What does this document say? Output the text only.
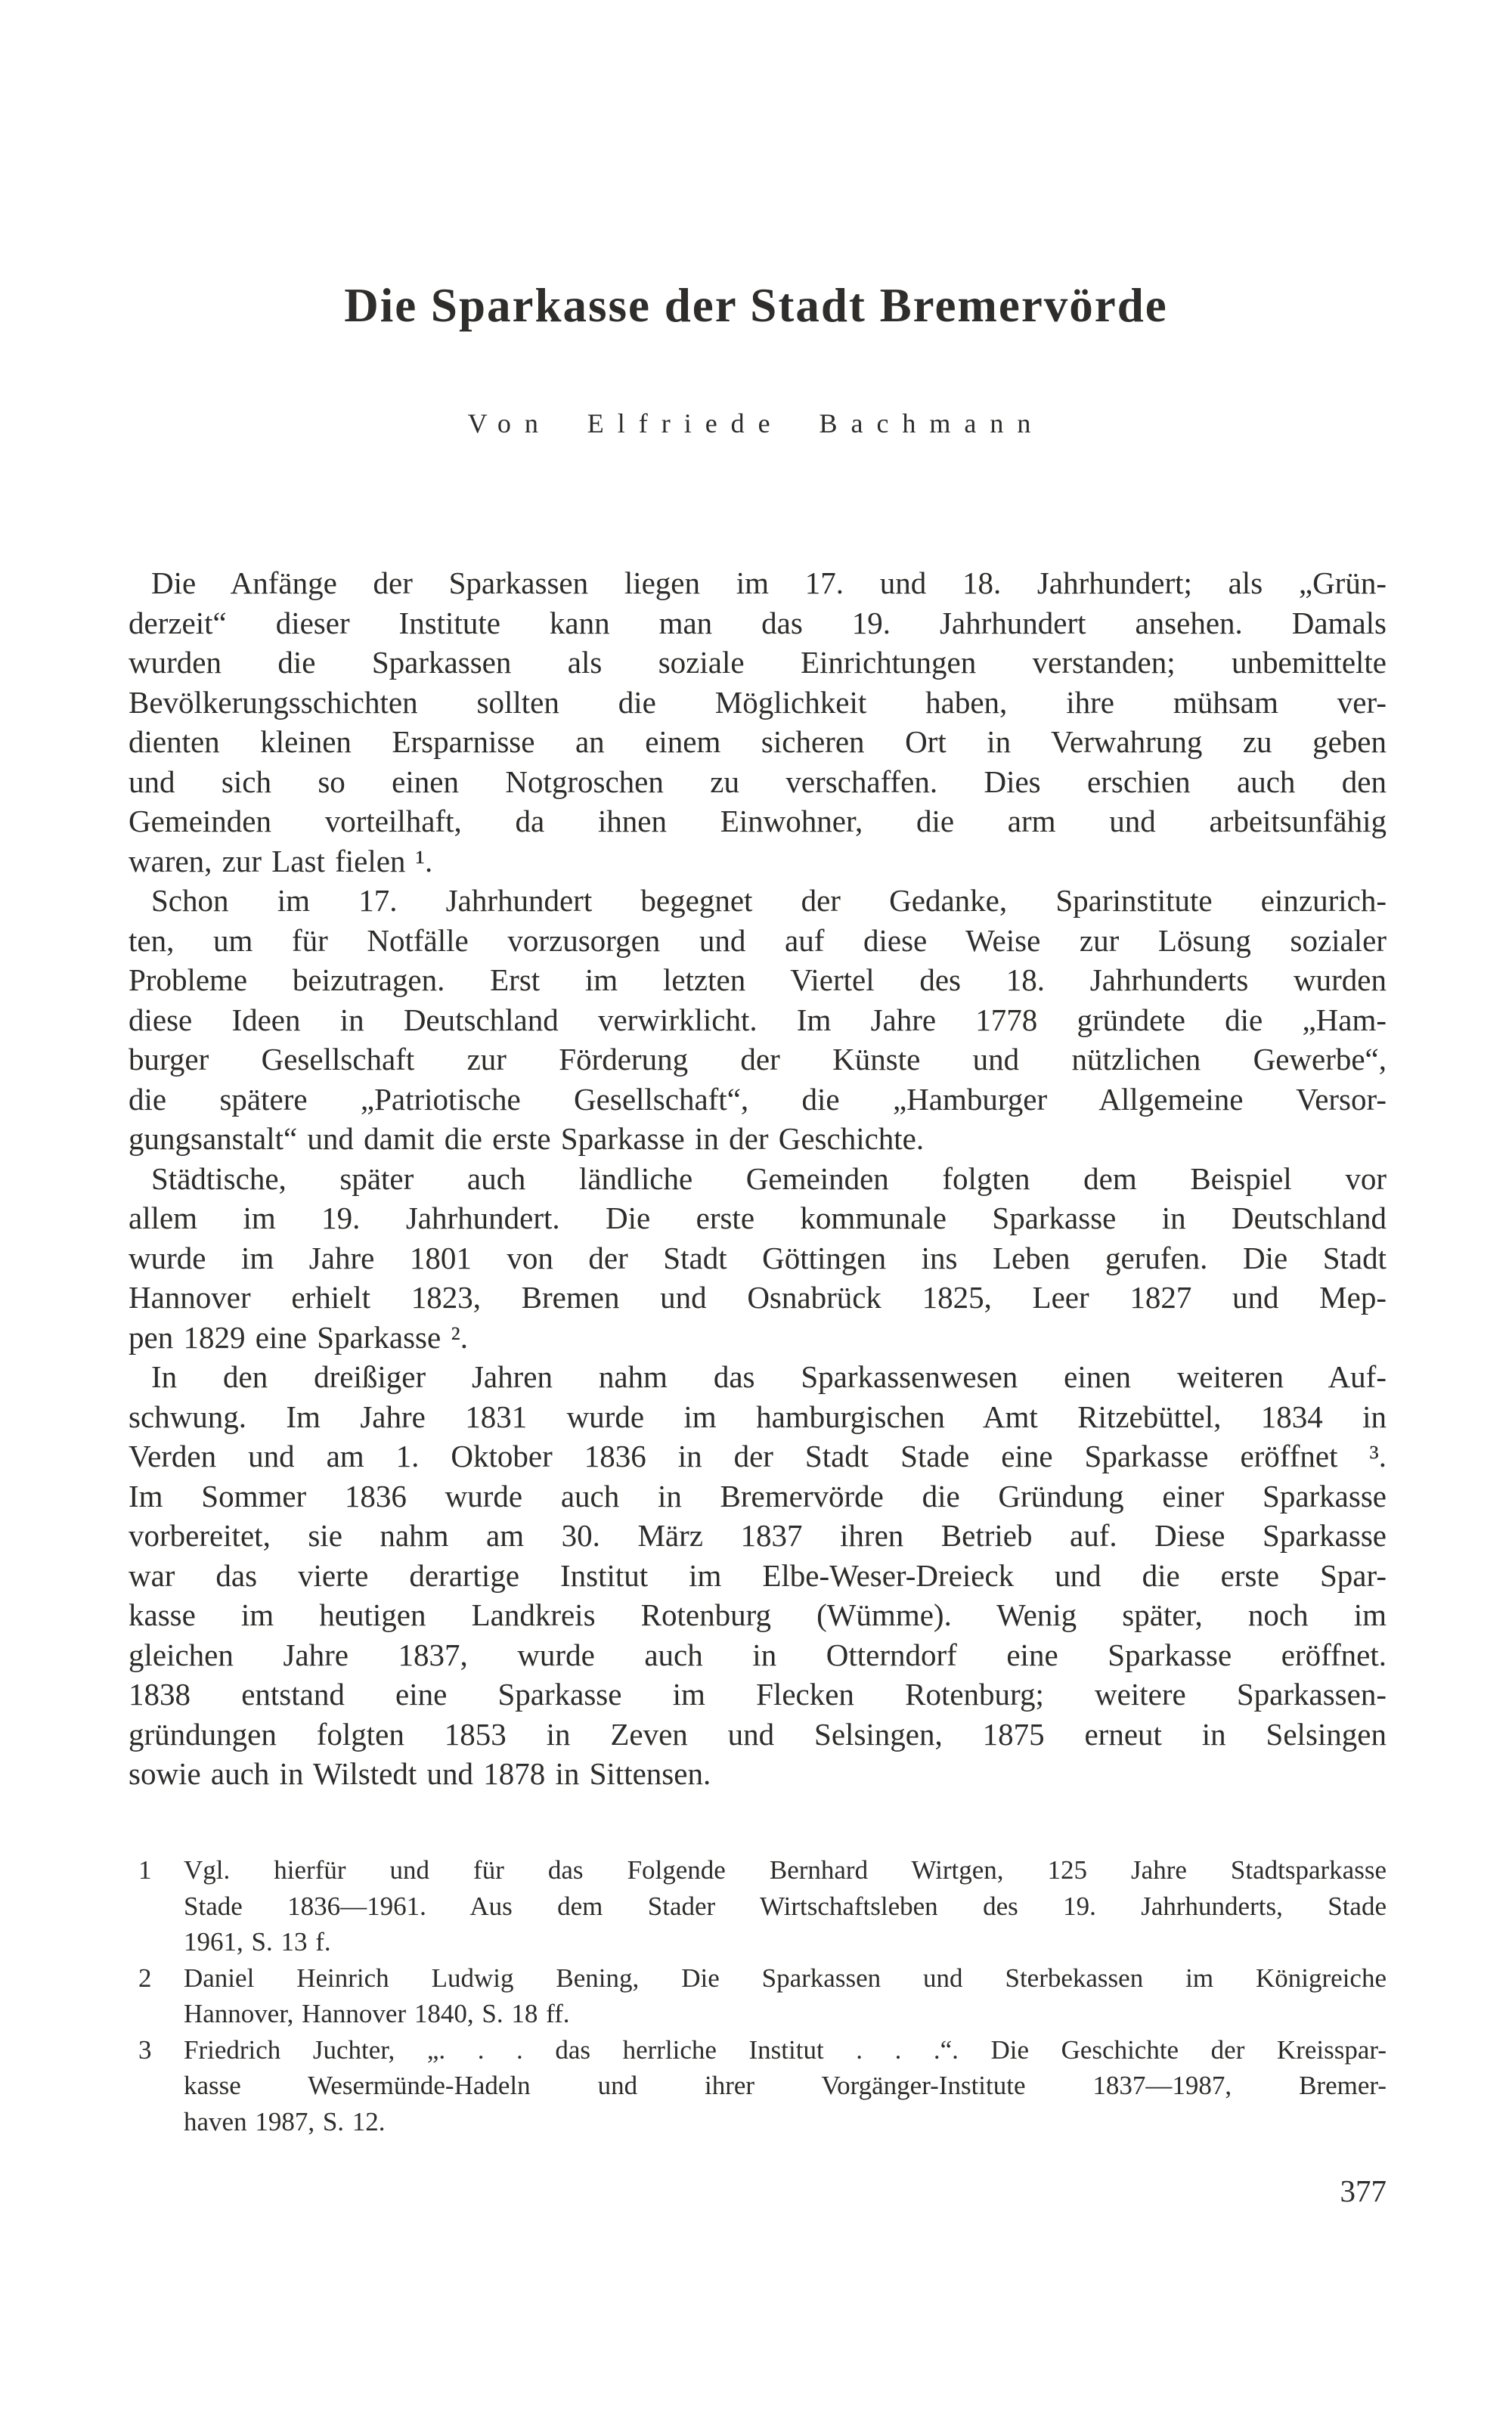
Die Sparkasse der Stadt Bremervörde
Von Elfriede Bachmann
Die Anfänge der Sparkassen liegen im 17. und 18. Jahrhundert; als „Grün-
derzeit“ dieser Institute kann man das 19. Jahrhundert ansehen. Damals
wurden die Sparkassen als soziale Einrichtungen verstanden; unbemittelte
Bevölkerungsschichten sollten die Möglichkeit haben, ihre mühsam ver-
dienten kleinen Ersparnisse an einem sicheren Ort in Verwahrung zu geben
und sich so einen Notgroschen zu verschaffen. Dies erschien auch den
Gemeinden vorteilhaft, da ihnen Einwohner, die arm und arbeitsunfähig
waren, zur Last fielen ¹.
Schon im 17. Jahrhundert begegnet der Gedanke, Sparinstitute einzurich-
ten, um für Notfälle vorzusorgen und auf diese Weise zur Lösung sozialer
Probleme beizutragen. Erst im letzten Viertel des 18. Jahrhunderts wurden
diese Ideen in Deutschland verwirklicht. Im Jahre 1778 gründete die „Ham-
burger Gesellschaft zur Förderung der Künste und nützlichen Gewerbe“,
die spätere „Patriotische Gesellschaft“, die „Hamburger Allgemeine Versor-
gungsanstalt“ und damit die erste Sparkasse in der Geschichte.
Städtische, später auch ländliche Gemeinden folgten dem Beispiel vor
allem im 19. Jahrhundert. Die erste kommunale Sparkasse in Deutschland
wurde im Jahre 1801 von der Stadt Göttingen ins Leben gerufen. Die Stadt
Hannover erhielt 1823, Bremen und Osnabrück 1825, Leer 1827 und Mep-
pen 1829 eine Sparkasse ².
In den dreißiger Jahren nahm das Sparkassenwesen einen weiteren Auf-
schwung. Im Jahre 1831 wurde im hamburgischen Amt Ritzebüttel, 1834 in
Verden und am 1. Oktober 1836 in der Stadt Stade eine Sparkasse eröffnet ³.
Im Sommer 1836 wurde auch in Bremervörde die Gründung einer Sparkasse
vorbereitet, sie nahm am 30. März 1837 ihren Betrieb auf. Diese Sparkasse
war das vierte derartige Institut im Elbe-Weser-Dreieck und die erste Spar-
kasse im heutigen Landkreis Rotenburg (Wümme). Wenig später, noch im
gleichen Jahre 1837, wurde auch in Otterndorf eine Sparkasse eröffnet.
1838 entstand eine Sparkasse im Flecken Rotenburg; weitere Sparkassen-
gründungen folgten 1853 in Zeven und Selsingen, 1875 erneut in Selsingen
sowie auch in Wilstedt und 1878 in Sittensen.
1 Vgl. hierfür und für das Folgende Bernhard Wirtgen, 125 Jahre Stadtsparkasse
Stade 1836—1961. Aus dem Stader Wirtschaftsleben des 19. Jahrhunderts, Stade
1961, S. 13 f.
2 Daniel Heinrich Ludwig Bening, Die Sparkassen und Sterbekassen im Königreiche
Hannover, Hannover 1840, S. 18 ff.
3 Friedrich Juchter, „. . . das herrliche Institut . . .“. Die Geschichte der Kreisspar-
kasse Wesermünde-Hadeln und ihrer Vorgänger-Institute 1837—1987, Bremer-
haven 1987, S. 12.
377
